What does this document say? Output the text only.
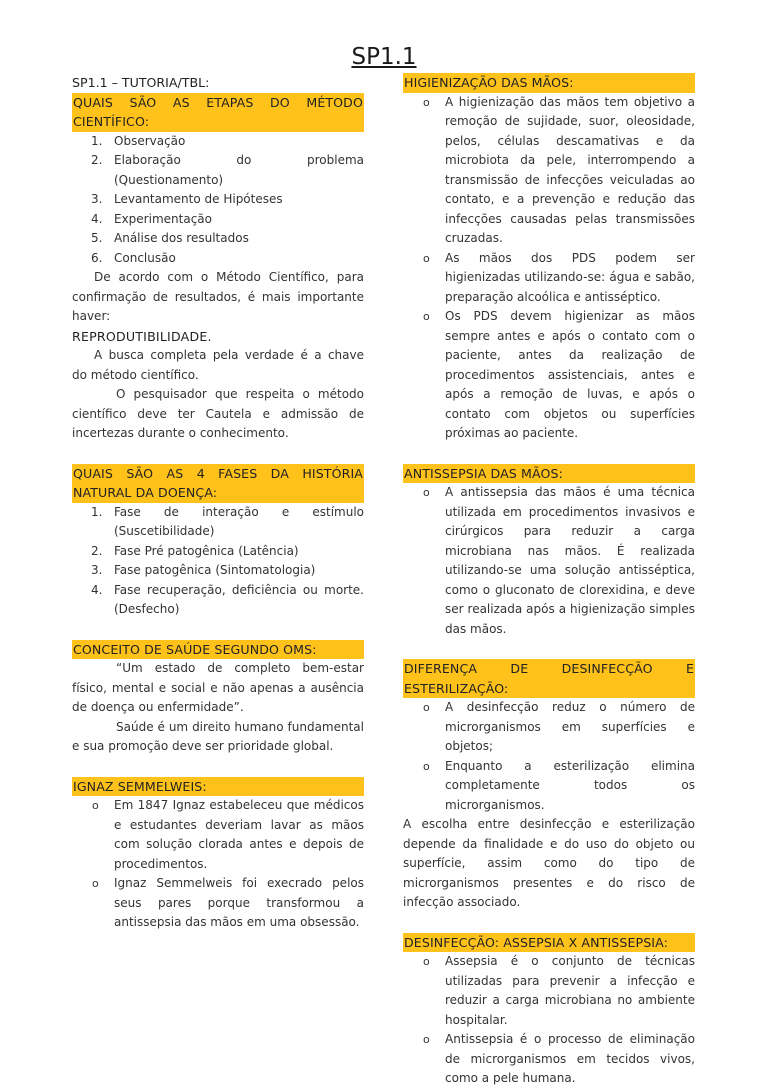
SP1.1
SP1.1 – TUTORIA/TBL:
QUAIS SÃO AS ETAPAS DO MÉTODO CIENTÍFICO:
1. Observação
2. Elaboração do problema (Questionamento)
3. Levantamento de Hipóteses
4. Experimentação
5. Análise dos resultados
6. Conclusão
De acordo com o Método Científico, para confirmação de resultados, é mais importante haver:
REPRODUTIBILIDADE.
A busca completa pela verdade é a chave do método científico.
O pesquisador que respeita o método científico deve ter Cautela e admissão de incertezas durante o conhecimento.
QUAIS SÃO AS 4 FASES DA HISTÓRIA NATURAL DA DOENÇA:
1. Fase de interação e estímulo (Suscetibilidade)
2. Fase Pré patogênica (Latência)
3. Fase patogênica (Sintomatologia)
4. Fase recuperação, deficiência ou morte. (Desfecho)
CONCEITO DE SAÚDE SEGUNDO OMS:
“Um estado de completo bem-estar físico, mental e social e não apenas a ausência de doença ou enfermidade”.
Saúde é um direito humano fundamental e sua promoção deve ser prioridade global.
IGNAZ SEMMELWEIS:
o Em 1847 Ignaz estabeleceu que médicos e estudantes deveriam lavar as mãos com solução clorada antes e depois de procedimentos.
o Ignaz Semmelweis foi execrado pelos seus pares porque transformou a antissepsia das mãos em uma obsessão.
HIGIENIZAÇÃO DAS MÃOS:
o A higienização das mãos tem objetivo a remoção de sujidade, suor, oleosidade, pelos, células descamativas e da microbiota da pele, interrompendo a transmissão de infecções veiculadas ao contato, e a prevenção e redução das infecções causadas pelas transmissões cruzadas.
o As mãos dos PDS podem ser higienizadas utilizando-se: água e sabão, preparação alcoólica e antisséptico.
o Os PDS devem higienizar as mãos sempre antes e após o contato com o paciente, antes da realização de procedimentos assistenciais, antes e após a remoção de luvas, e após o contato com objetos ou superfícies próximas ao paciente.
ANTISSEPSIA DAS MÃOS:
o A antissepsia das mãos é uma técnica utilizada em procedimentos invasivos e cirúrgicos para reduzir a carga microbiana nas mãos. É realizada utilizando-se uma solução antisséptica, como o gluconato de clorexidina, e deve ser realizada após a higienização simples das mãos.
DIFERENÇA DE DESINFECÇÃO E ESTERILIZAÇÃO:
o A desinfecção reduz o número de microrganismos em superfícies e objetos;
o Enquanto a esterilização elimina completamente todos os microrganismos.
A escolha entre desinfecção e esterilização depende da finalidade e do uso do objeto ou superfície, assim como do tipo de microrganismos presentes e do risco de infecção associado.
DESINFECÇÃO: ASSEPSIA X ANTISSEPSIA:
o Assepsia é o conjunto de técnicas utilizadas para prevenir a infecção e reduzir a carga microbiana no ambiente hospitalar.
o Antissepsia é o processo de eliminação de microrganismos em tecidos vivos, como a pele humana.
